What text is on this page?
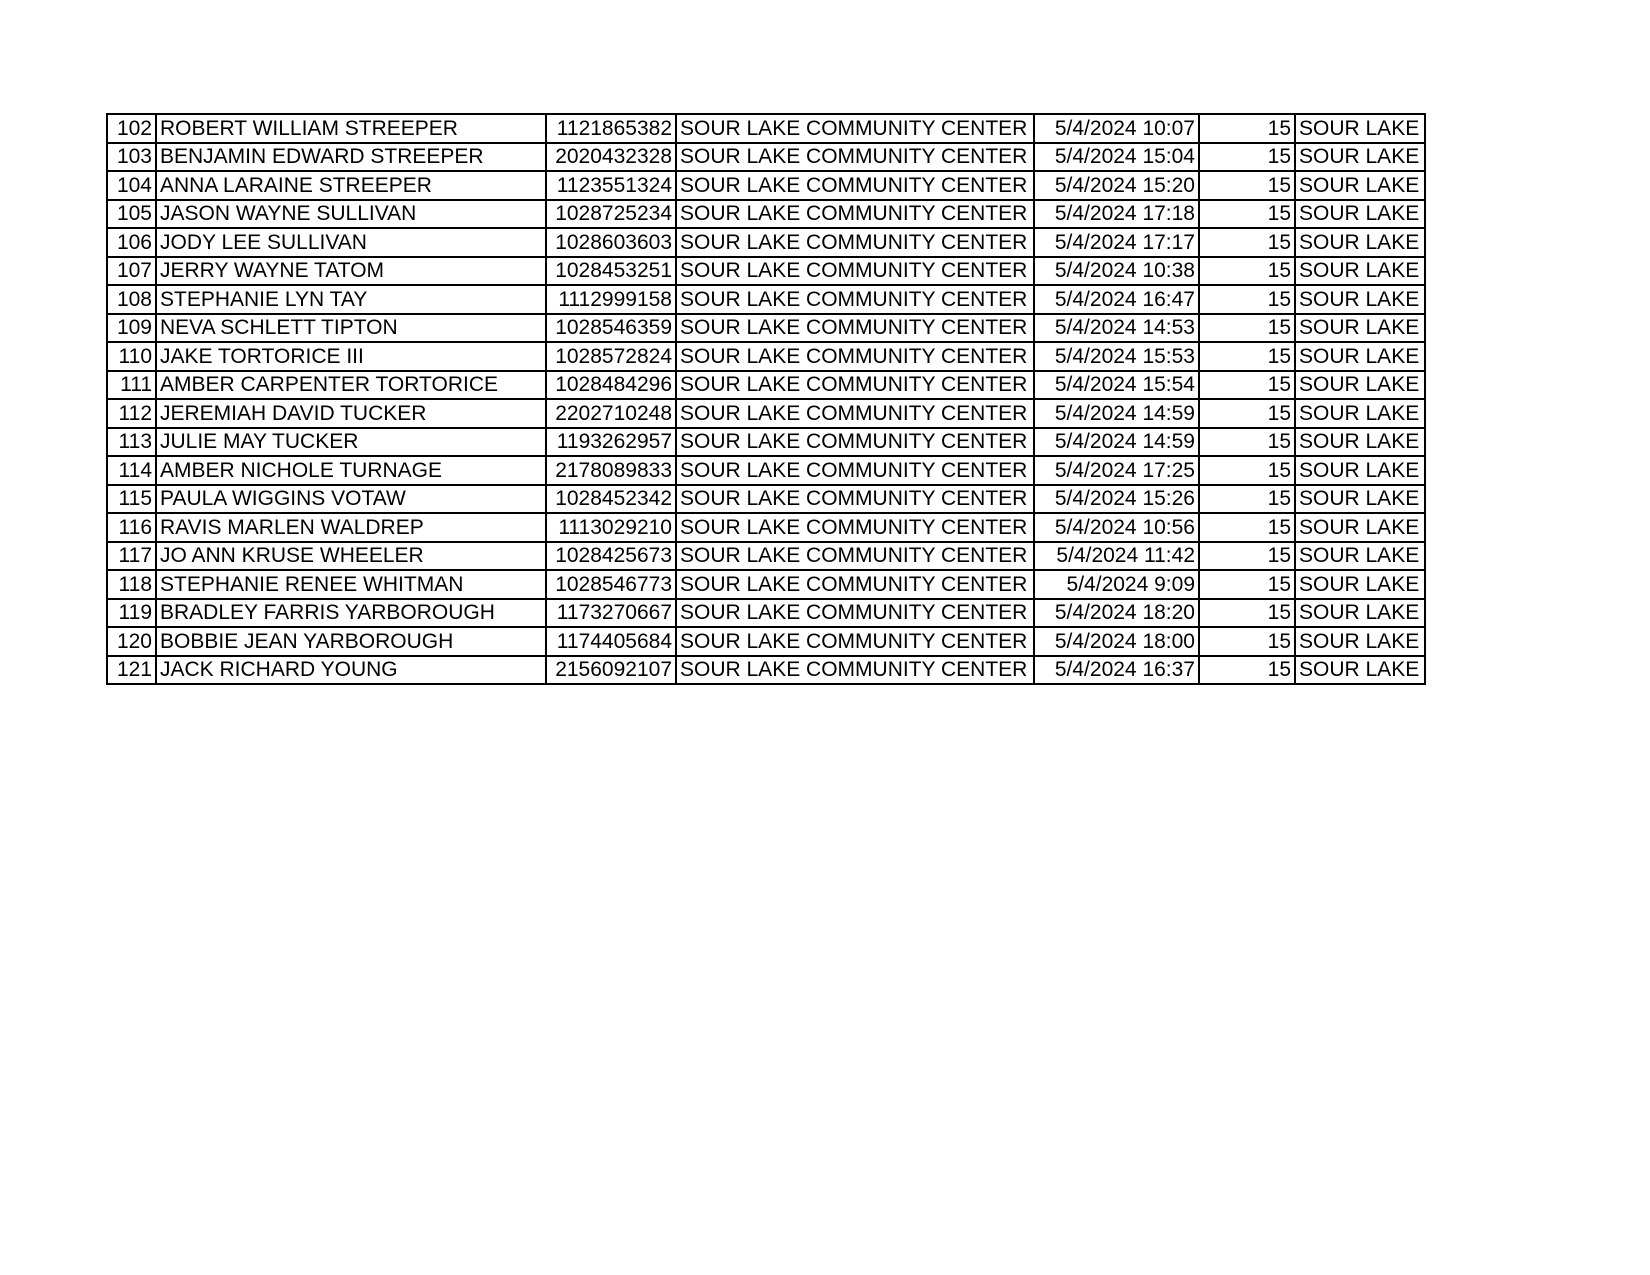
102	ROBERT WILLIAM STREEPER	1121865382	SOUR LAKE COMMUNITY CENTER	5/4/2024 10:07	15	SOUR LAKE
103	BENJAMIN EDWARD STREEPER	2020432328	SOUR LAKE COMMUNITY CENTER	5/4/2024 15:04	15	SOUR LAKE
104	ANNA LARAINE STREEPER	1123551324	SOUR LAKE COMMUNITY CENTER	5/4/2024 15:20	15	SOUR LAKE
105	JASON WAYNE SULLIVAN	1028725234	SOUR LAKE COMMUNITY CENTER	5/4/2024 17:18	15	SOUR LAKE
106	JODY LEE SULLIVAN	1028603603	SOUR LAKE COMMUNITY CENTER	5/4/2024 17:17	15	SOUR LAKE
107	JERRY WAYNE TATOM	1028453251	SOUR LAKE COMMUNITY CENTER	5/4/2024 10:38	15	SOUR LAKE
108	STEPHANIE LYN TAY	1112999158	SOUR LAKE COMMUNITY CENTER	5/4/2024 16:47	15	SOUR LAKE
109	NEVA SCHLETT TIPTON	1028546359	SOUR LAKE COMMUNITY CENTER	5/4/2024 14:53	15	SOUR LAKE
110	JAKE TORTORICE III	1028572824	SOUR LAKE COMMUNITY CENTER	5/4/2024 15:53	15	SOUR LAKE
111	AMBER CARPENTER TORTORICE	1028484296	SOUR LAKE COMMUNITY CENTER	5/4/2024 15:54	15	SOUR LAKE
112	JEREMIAH DAVID TUCKER	2202710248	SOUR LAKE COMMUNITY CENTER	5/4/2024 14:59	15	SOUR LAKE
113	JULIE MAY TUCKER	1193262957	SOUR LAKE COMMUNITY CENTER	5/4/2024 14:59	15	SOUR LAKE
114	AMBER NICHOLE TURNAGE	2178089833	SOUR LAKE COMMUNITY CENTER	5/4/2024 17:25	15	SOUR LAKE
115	PAULA WIGGINS VOTAW	1028452342	SOUR LAKE COMMUNITY CENTER	5/4/2024 15:26	15	SOUR LAKE
116	RAVIS MARLEN WALDREP	1113029210	SOUR LAKE COMMUNITY CENTER	5/4/2024 10:56	15	SOUR LAKE
117	JO ANN KRUSE WHEELER	1028425673	SOUR LAKE COMMUNITY CENTER	5/4/2024 11:42	15	SOUR LAKE
118	STEPHANIE RENEE WHITMAN	1028546773	SOUR LAKE COMMUNITY CENTER	5/4/2024 9:09	15	SOUR LAKE
119	BRADLEY FARRIS YARBOROUGH	1173270667	SOUR LAKE COMMUNITY CENTER	5/4/2024 18:20	15	SOUR LAKE
120	BOBBIE JEAN YARBOROUGH	1174405684	SOUR LAKE COMMUNITY CENTER	5/4/2024 18:00	15	SOUR LAKE
121	JACK RICHARD YOUNG	2156092107	SOUR LAKE COMMUNITY CENTER	5/4/2024 16:37	15	SOUR LAKE
